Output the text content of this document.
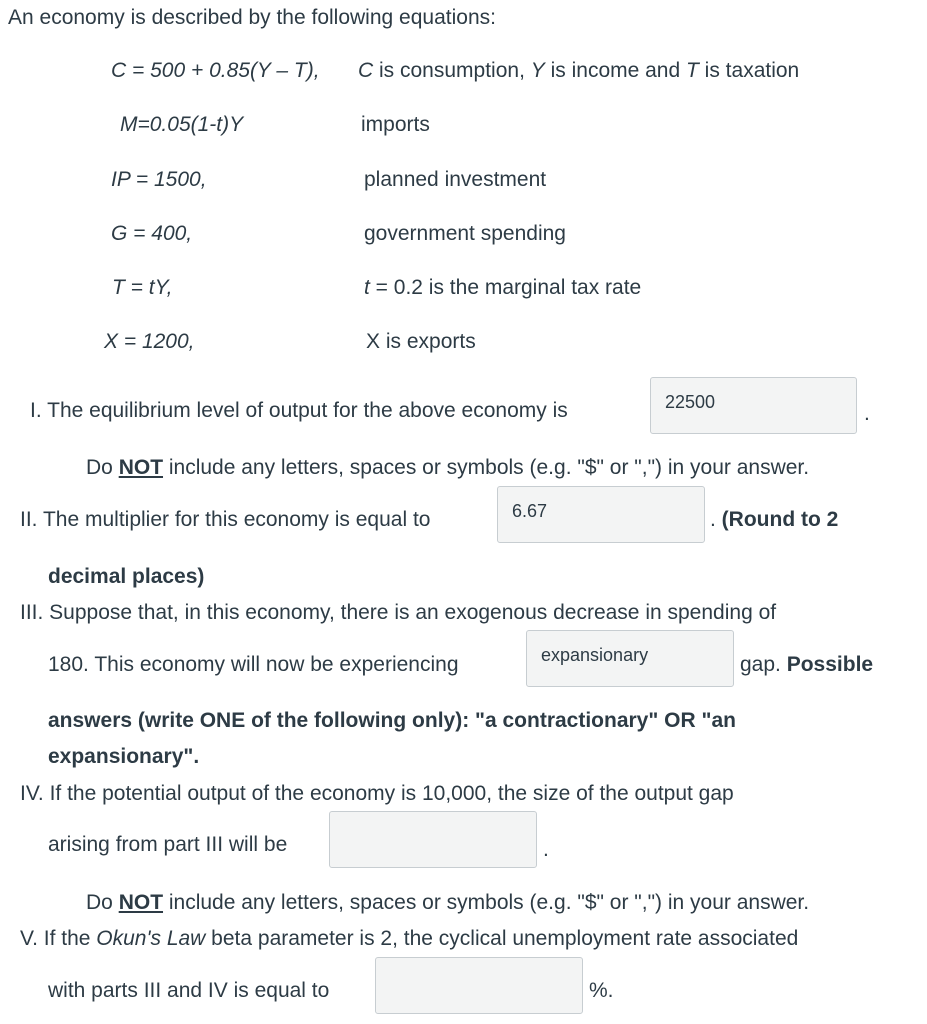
An economy is described by the following equations:
C = 500 + 0.85(Y – T), C is consumption, Y is income and T is taxation
M=0.05(1-t)Y	imports
IP = 1500,	planned investment
G = 400,	government spending
T = tY,	t = 0.2 is the marginal tax rate
X = 1200,	X is exports
I. The equilibrium level of output for the above economy is	22500	.
Do NOT include any letters, spaces or symbols (e.g. "$" or ",") in your answer.
II. The multiplier for this economy is equal to	6.67	. (Round to 2
decimal places)
III. Suppose that, in this economy, there is an exogenous decrease in spending of
180. This economy will now be experiencing	expansionary	gap. Possible
answers (write ONE of the following only): "a contractionary" OR "an
expansionary".
IV. If the potential output of the economy is 10,000, the size of the output gap
arising from part III will be	.
Do NOT include any letters, spaces or symbols (e.g. "$" or ",") in your answer.
V. If the Okun's Law beta parameter is 2, the cyclical unemployment rate associated
with parts III and IV is equal to	%.
